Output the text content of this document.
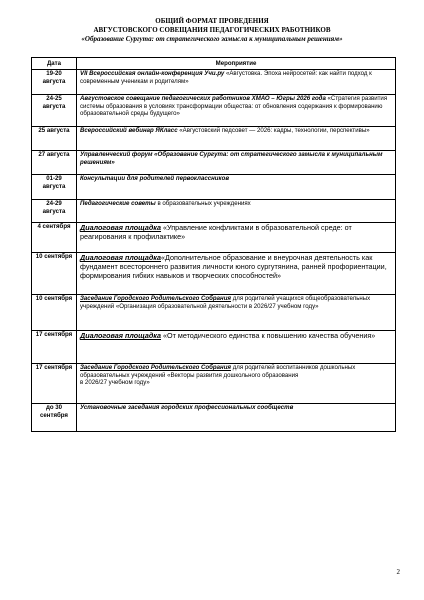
ОБЩИЙ ФОРМАТ ПРОВЕДЕНИЯ
АВГУСТОВСКОГО СОВЕЩАНИЯ ПЕДАГОГИЧЕСКИХ РАБОТНИКОВ
«Образование Сургута: от стратегического замысла к муниципальным решениям»
Дата	Мероприятие
19-20 августа	VII Всероссийская онлайн-конференция Учи.ру «Августовка. Эпоха нейросетей: как найти подход к современным ученикам и родителям»
24-25 августа	Августовское совещание педагогических работников ХМАО – Югры 2026 года «Стратегия развития системы образования в условиях трансформации общества: от обновления содержания к формированию образовательной среды будущего»
25 августа	Всероссийский вебинар ЯКласс «Августовский педсовет — 2026: кадры, технологии, перспективы»
27 августа	Управленческий форум «Образование Сургута: от стратегического замысла к муниципальным решениям»
01-29 августа	Консультации для родителей первоклассников
24-29 августа	Педагогические советы в образовательных учреждениях
4 сентября	Диалоговая площадка «Управление конфликтами в образовательной среде: от реагирования к профилактике»
10 сентября	Диалоговая площадка«Дополнительное образование и внеурочная деятельность как фундамент всестороннего развития личности юного сургутянина, ранней профориентации, формирования гибких навыков и творческих способностей»
10 сентября	Заседание Городского Родительского Собрания для родителей учащихся общеобразовательных учреждений «Организация образовательной деятельности в 2026/27 учебном году»
17 сентября	Диалоговая площадка «От методического единства к повышению качества обучения»
17 сентября	Заседание Городского Родительского Собрания для родителей воспитанников дошкольных образовательных учреждений «Векторы развития дошкольного образования
в 2026/27 учебном году»
до 30 сентября	Установочные заседания городских профессиональных сообществ
2
